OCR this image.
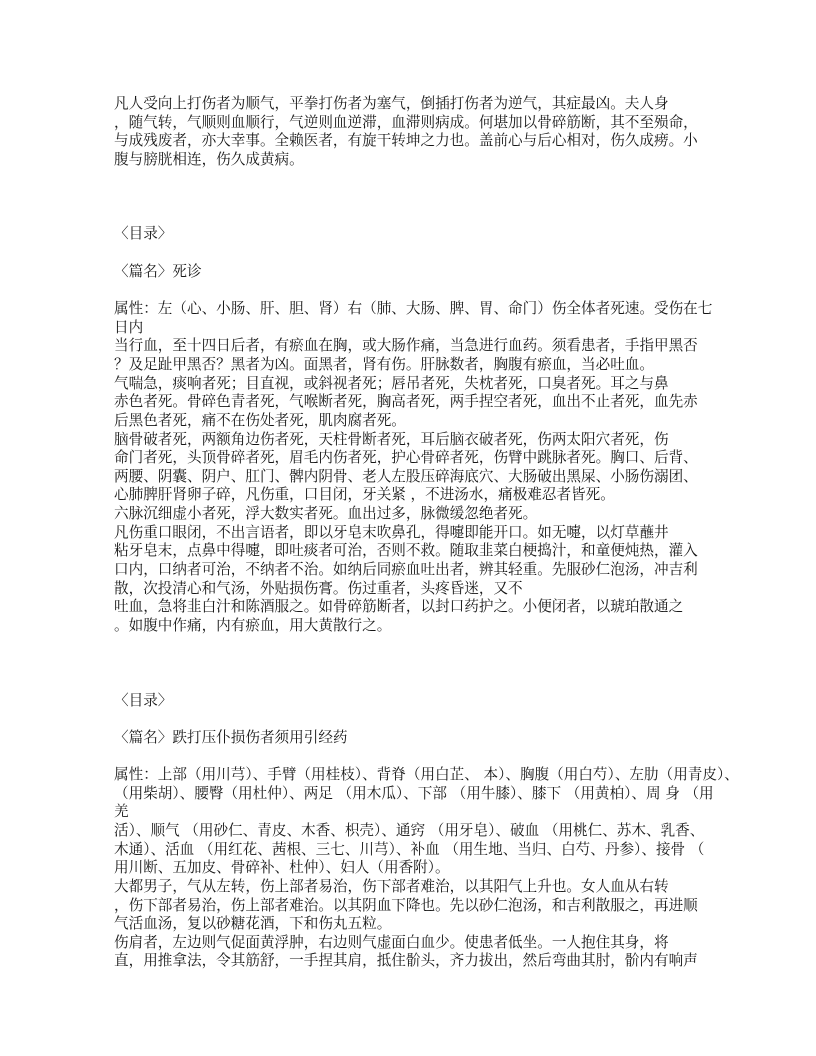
凡人受向上打伤者为顺气，平拳打伤者为塞气，倒插打伤者为逆气，其症最凶。夫人身
，随气转，气顺则血顺行，气逆则血逆滞，血滞则病成。何堪加以骨碎筋断，其不至殒命，
与成残废者，亦大幸事。全赖医者，有旋干转坤之力也。盖前心与后心相对，伤久成痨。小
腹与膀胱相连，伤久成黄病。
〈目录〉
〈篇名〉死诊
属性：左（心、小肠、肝、胆、肾）右（肺、大肠、脾、胃、命门）伤全体者死速。受伤在七
日内
当行血，至十四日后者，有瘀血在胸，或大肠作痛，当急进行血药。须看患者，手指甲黑否
？及足趾甲黑否？黑者为凶。面黑者，肾有伤。肝脉数者，胸腹有瘀血，当必吐血。
气喘急，痰响者死；目直视，或斜视者死；唇吊者死，失枕者死，口臭者死。耳之与鼻
赤色者死。骨碎色青者死，气喉断者死，胸高者死，两手捏空者死，血出不止者死，血先赤
后黑色者死，痛不在伤处者死，肌肉腐者死。
脑骨破者死，两额角边伤者死，天柱骨断者死，耳后脑衣破者死，伤两太阳穴者死，伤
命门者死，头顶骨碎者死，眉毛内伤者死，护心骨碎者死，伤臂中跳脉者死。胸口、后背、
两腰、阴囊、阴户、肛门、髀内阴骨、老人左股压碎海底穴、大肠破出黑屎、小肠伤溺团、
心肺脾肝肾卵子碎，凡伤重，口目闭，牙关紧 ，不进汤水，痛极难忍者皆死。
六脉沉细虚小者死，浮大数实者死。血出过多，脉微缓忽绝者死。
凡伤重口眼闭，不出言语者，即以牙皂末吹鼻孔，得嚏即能开口。如无嚏，以灯草蘸井
粘牙皂末，点鼻中得嚏，即吐痰者可治，否则不救。随取韭菜白梗捣汁，和童便炖热，灌入
口内，口纳者可治，不纳者不治。如纳后同瘀血吐出者，辨其轻重。先服砂仁泡汤，冲吉利
散，次投清心和气汤，外贴损伤膏。伤过重者，头疼昏迷，又不
吐血，急将韭白汁和陈酒服之。如骨碎筋断者，以封口药护之。小便闭者，以琥珀散通之
。如腹中作痛，内有瘀血，用大黄散行之。
〈目录〉
〈篇名〉跌打压仆损伤者须用引经药
属性：上部（用川芎）、手臂（用桂枝）、背脊（用白芷、 本）、胸腹（用白芍）、左肋（用青皮）、
（用柴胡）、腰臀（用杜仲）、两足 （用木瓜）、下部 （用牛膝）、膝下 （用黄柏）、周 身 （用
羌
活）、顺气 （用砂仁、青皮、木香、枳壳）、通窍 （用牙皂）、破血 （用桃仁、苏木、乳香、
木通）、活血 （用红花、茜根、三七、川芎）、补血 （用生地、当归、白芍、丹参）、接骨 （
用川断、五加皮、骨碎补、杜仲）、妇人（用香附）。
大都男子，气从左转，伤上部者易治，伤下部者难治，以其阳气上升也。女人血从右转
，伤下部者易治，伤上部者难治。以其阴血下降也。先以砂仁泡汤，和吉利散服之，再进顺
气活血汤，复以砂糖花酒，下和伤丸五粒。
伤肩者，左边则气促面黄浮肿，右边则气虚面白血少。使患者低坐。一人抱住其身，将
直，用推拿法，令其筋舒，一手捏其肩，抵住骱头，齐力拔出，然后弯曲其肘，骱内有响声
